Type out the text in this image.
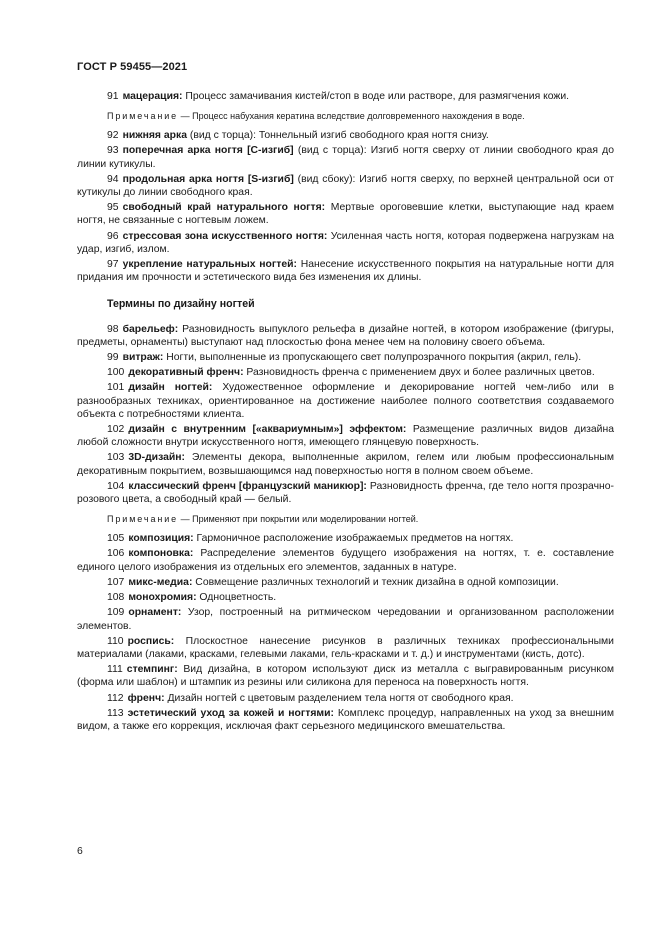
ГОСТ Р 59455—2021

91 мацерация: Процесс замачивания кистей/стоп в воде или растворе, для размягчения кожи.

Примечание — Процесс набухания кератина вследствие долговременного нахождения в воде.

92 нижняя арка (вид с торца): Тоннельный изгиб свободного края ногтя снизу.

93 поперечная арка ногтя [С-изгиб] (вид с торца): Изгиб ногтя сверху от линии свободного края до линии кутикулы.

94 продольная арка ногтя [S-изгиб] (вид сбоку): Изгиб ногтя сверху, по верхней центральной оси от кутикулы до линии свободного края.

95 свободный край натурального ногтя: Мертвые ороговевшие клетки, выступающие над краем ногтя, не связанные с ногтевым ложем.

96 стрессовая зона искусственного ногтя: Усиленная часть ногтя, которая подвержена нагрузкам на удар, изгиб, излом.

97 укрепление натуральных ногтей: Нанесение искусственного покрытия на натуральные ногти для придания им прочности и эстетического вида без изменения их длины.

Термины по дизайну ногтей

98 барельеф: Разновидность выпуклого рельефа в дизайне ногтей, в котором изображение (фигуры, предметы, орнаменты) выступают над плоскостью фона менее чем на половину своего объема.

99 витраж: Ногти, выполненные из пропускающего свет полупрозрачного покрытия (акрил, гель).

100 декоративный френч: Разновидность френча с применением двух и более различных цветов.

101 дизайн ногтей: Художественное оформление и декорирование ногтей чем-либо или в разнообразных техниках, ориентированное на достижение наиболее полного соответствия создаваемого объекта с потребностями клиента.

102 дизайн с внутренним [«аквариумным»] эффектом: Размещение различных видов дизайна любой сложности внутри искусственного ногтя, имеющего глянцевую поверхность.

103 3D-дизайн: Элементы декора, выполненные акрилом, гелем или любым профессиональным декоративным покрытием, возвышающимся над поверхностью ногтя в полном своем объеме.

104 классический френч [французский маникюр]: Разновидность френча, где тело ногтя прозрачно-розового цвета, а свободный край — белый.

Примечание — Применяют при покрытии или моделировании ногтей.

105 композиция: Гармоничное расположение изображаемых предметов на ногтях.

106 компоновка: Распределение элементов будущего изображения на ногтях, т. е. составление единого целого изображения из отдельных его элементов, заданных в натуре.

107 микс-медиа: Совмещение различных технологий и техник дизайна в одной композиции.

108 монохромия: Одноцветность.

109 орнамент: Узор, построенный на ритмическом чередовании и организованном расположении элементов.

110 роспись: Плоскостное нанесение рисунков в различных техниках профессиональными материалами (лаками, красками, гелевыми лаками, гель-красками и т. д.) и инструментами (кисть, дотс).

111 стемпинг: Вид дизайна, в котором используют диск из металла с выгравированным рисунком (форма или шаблон) и штампик из резины или силикона для переноса на поверхность ногтя.

112 френч: Дизайн ногтей с цветовым разделением тела ногтя от свободного края.

113 эстетический уход за кожей и ногтями: Комплекс процедур, направленных на уход за внешним видом, а также его коррекция, исключая факт серьезного медицинского вмешательства.

6
